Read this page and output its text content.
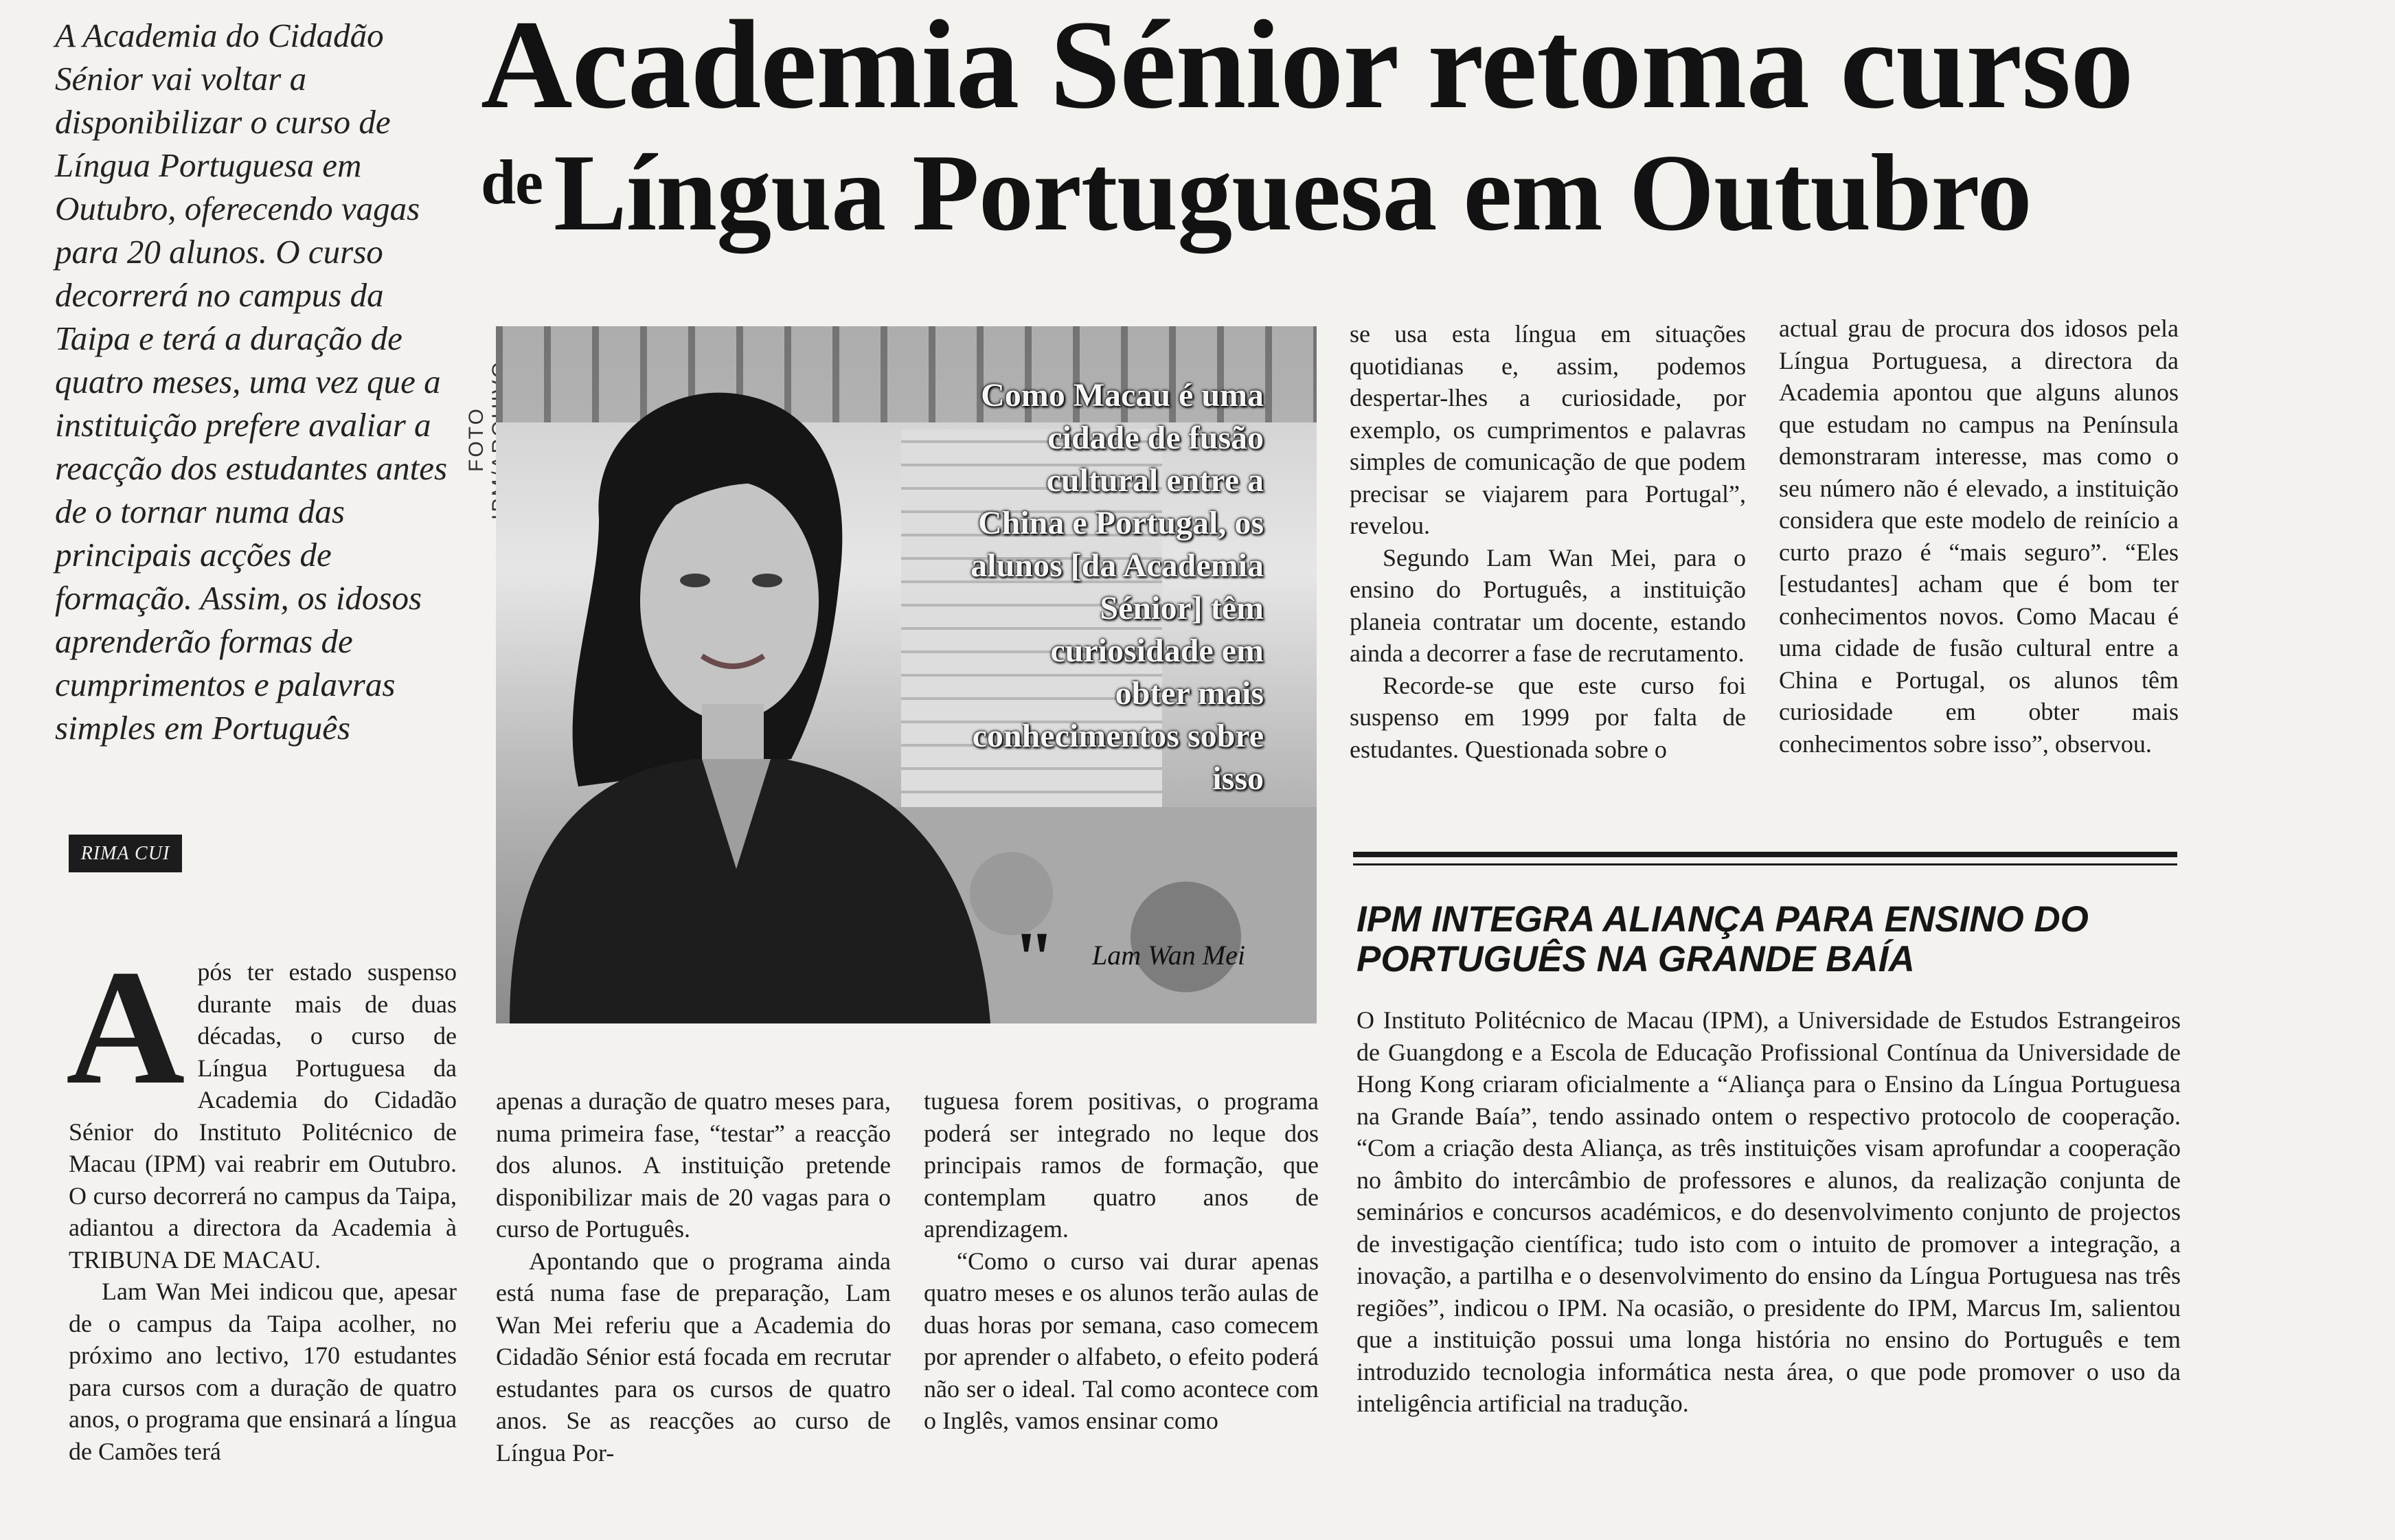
A Academia do Cidadão Sénior vai voltar a disponibilizar o curso de Língua Portuguesa em Outubro, oferecendo vagas para 20 alunos. O curso decorrerá no campus da Taipa e terá a duração de quatro meses, uma vez que a instituição prefere avaliar a reacção dos estudantes antes de o tornar numa das principais acções de formação. Assim, os idosos aprenderão formas de cumprimentos e palavras simples em Português
RIMA CUI
Academia Sénior retoma curso
$^{de}$ Língua Portuguesa em Outubro
FOTO
Como Macau é uma cidade de fusão cultural entre a China e Portugal, os alunos [da Academia Sénior] têm curiosidade em obter mais conhecimentos sobre isso
" Lam Wan Mei
A pós ter estado suspenso durante mais de duas décadas, o curso de Língua Portuguesa da Academia do Cidadão Sénior do Instituto Politécnico de Macau (IPM) vai reabrir em Outubro. O curso decorrerá no campus da Taipa, adiantou a directora da Academia à TRIBUNA DE MACAU.

Lam Wan Mei indicou que, apesar de o campus da Taipa acolher, no próximo ano lectivo, 170 estudantes para cursos com a duração de quatro anos, o programa que ensinará a língua de Camões terá

apenas a duração de quatro meses para, numa primeira fase, “testar” a reacção dos alunos. A instituição pretende disponibilizar mais de 20 vagas para o curso de Português.

Apontando que o programa ainda está numa fase de preparação, Lam Wan Mei referiu que a Academia do Cidadão Sénior está focada em recrutar estudantes para os cursos de quatro anos. Se as reacções ao curso de Língua Por-

tuguesa forem positivas, o programa poderá ser integrado no leque dos principais ramos de formação, que contemplam quatro anos de aprendizagem.

“Como o curso vai durar apenas quatro meses e os alunos terão aulas de duas horas por semana, caso comecem por aprender o alfabeto, o efeito poderá não ser o ideal. Tal como acontece com o Inglês, vamos ensinar como

se usa esta língua em situações quotidianas e, assim, podemos despertar-lhes a curiosidade, por exemplo, os cumprimentos e palavras simples de comunicação de que podem precisar se viajarem para Portugal”, revelou.

Segundo Lam Wan Mei, para o ensino do Português, a instituição planeia contratar um docente, estando ainda a decorrer a fase de recrutamento.

Recorde-se que este curso foi suspenso em 1999 por falta de estudantes. Questionada sobre o

actual grau de procura dos idosos pela Língua Portuguesa, a directora da Academia apontou que alguns alunos que estudam no campus na Península demonstraram interesse, mas como o seu número não é elevado, a instituição considera que este modelo de reinício a curto prazo é “mais seguro”. “Eles [estudantes] acham que é bom ter conhecimentos novos. Como Macau é uma cidade de fusão cultural entre a China e Portugal, os alunos têm curiosidade em obter mais conhecimentos sobre isso”, observou.

IPM INTEGRA ALIANÇA PARA ENSINO DO PORTUGUÊS NA GRANDE BAÍA

O Instituto Politécnico de Macau (IPM), a Universidade de Estudos Estrangeiros de Guangdong e a Escola de Educação Profissional Contínua da Universidade de Hong Kong criaram oficialmente a “Aliança para o Ensino da Língua Portuguesa na Grande Baía”, tendo assinado ontem o respectivo protocolo de cooperação. “Com a criação desta Aliança, as três instituições visam aprofundar a cooperação no âmbito do intercâmbio de professores e alunos, da realização conjunta de seminários e concursos académicos, e do desenvolvimento conjunto de projectos de investigação científica; tudo isto com o intuito de promover a integração, a inovação, a partilha e o desenvolvimento do ensino da Língua Portuguesa nas três regiões”, indicou o IPM. Na ocasião, o presidente do IPM, Marcus Im, salientou que a instituição possui uma longa história no ensino do Português e tem introduzido tecnologia informática nesta área, o que pode promover o uso da inteligência artificial na tradução.
